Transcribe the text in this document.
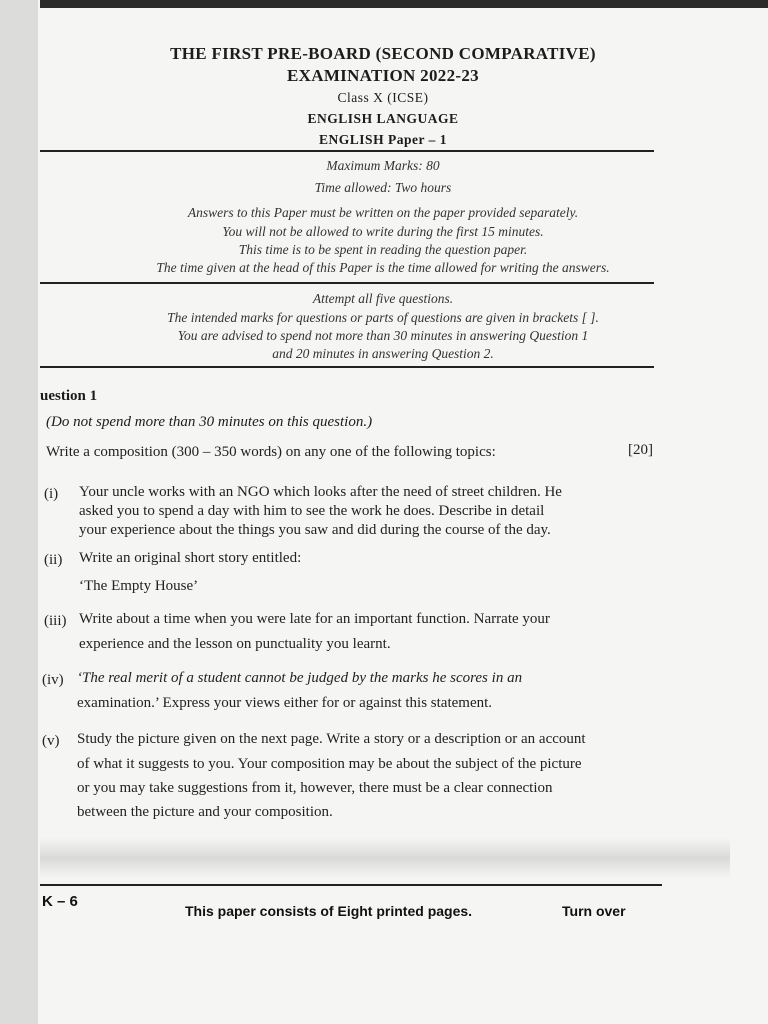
THE FIRST PRE-BOARD (SECOND COMPARATIVE)
EXAMINATION 2022-23
Class X (ICSE)
ENGLISH LANGUAGE
ENGLISH Paper – 1
Maximum Marks: 80
Time allowed: Two hours
Answers to this Paper must be written on the paper provided separately.
You will not be allowed to write during the first 15 minutes.
This time is to be spent in reading the question paper.
The time given at the head of this Paper is the time allowed for writing the answers.
Attempt all five questions.
The intended marks for questions or parts of questions are given in brackets [ ].
You are advised to spend not more than 30 minutes in answering Question 1
and 20 minutes in answering Question 2.
uestion 1
(Do not spend more than 30 minutes on this question.)
Write a composition (300 – 350 words) on any one of the following topics:	[20]
(i) Your uncle works with an NGO which looks after the need of street children. He
asked you to spend a day with him to see the work he does. Describe in detail
your experience about the things you saw and did during the course of the day.
(ii) Write an original short story entitled:
‘The Empty House’
(iii) Write about a time when you were late for an important function. Narrate your
experience and the lesson on punctuality you learnt.
(iv) ‘The real merit of a student cannot be judged by the marks he scores in an
examination.’ Express your views either for or against this statement.
(v) Study the picture given on the next page. Write a story or a description or an account
of what it suggests to you. Your composition may be about the subject of the picture
or you may take suggestions from it, however, there must be a clear connection
between the picture and your composition.
K – 6
This paper consists of Eight printed pages.	Turn over
